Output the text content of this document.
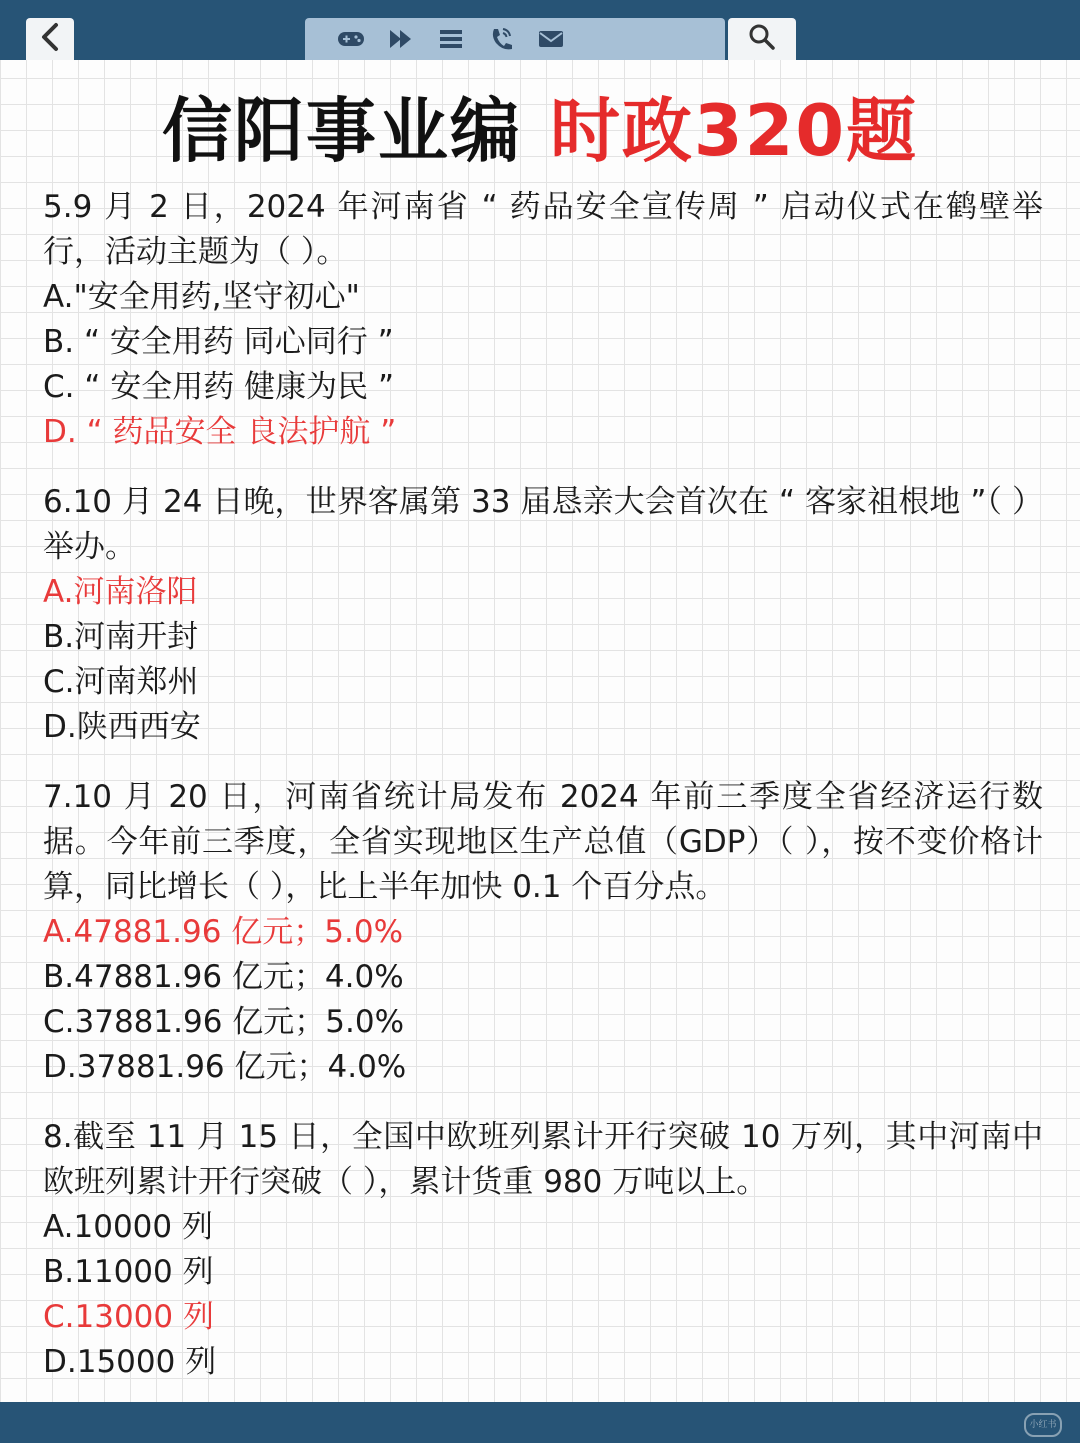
信阳事业编 时政320题

5.9 月 2 日，2024 年河南省 “ 药品安全宣传周 ” 启动仪式在鹤壁举行，活动主题为（ ）。

A."安全用药,坚守初心"

B. “ 安全用药 同心同行 ”

C. “ 安全用药 健康为民 ”

D. “ 药品安全 良法护航 ”

6.10 月 24 日晚，世界客属第 33 届恳亲大会首次在 “ 客家祖根地 ”（ ）举办。

A.河南洛阳

B.河南开封

C.河南郑州

D.陕西西安

7.10 月 20 日，河南省统计局发布 2024 年前三季度全省经济运行数据。今年前三季度，全省实现地区生产总值（GDP）（ ），按不变价格计算，同比增长（ ），比上半年加快 0.1 个百分点。

A.47881.96 亿元；5.0%

B.47881.96 亿元；4.0%

C.37881.96 亿元；5.0%

D.37881.96 亿元；4.0%

8.截至 11 月 15 日，全国中欧班列累计开行突破 10 万列，其中河南中欧班列累计开行突破（ ），累计货重 980 万吨以上。

A.10000 列

B.11000 列

C.13000 列

D.15000 列

小红书
